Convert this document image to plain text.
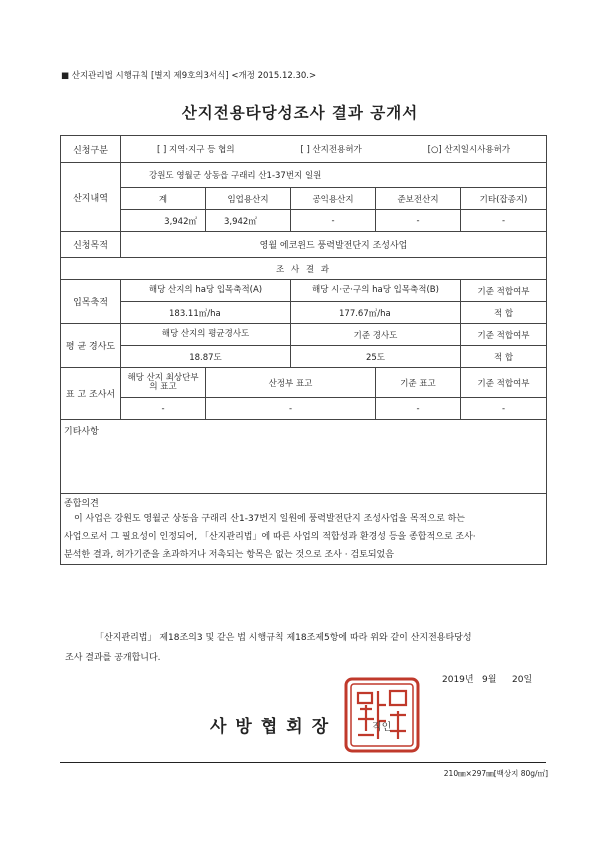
■ 산지관리법 시행규칙 [별지 제9호의3서식] <개정 2015.12.30.>
산지전용타당성조사 결과 공개서
신청구분	[ ] 지역·지구 등 협의 [ ] 산지전용허가 [○] 산지일시사용허가				

산지내역	강원도 영월군 상동읍 구래리 산1-37번지 일원				
	계	임업용산지	공익용산지	준보전산지	기타(잡종지)
	3,942㎡	3,942㎡	-	-	-
신청목적	영월 에코윈드 풍력발전단지 조성사업				
조 사 결 과					
입목축적	해당 산지의 ha당 입목축적(A)		해당 시·군·구의 ha당 입목축적(B)		기준 적합여부
	183.11㎥/ha		177.67㎥/ha		적 합
평 균 경사도	해당 산지의 평균경사도		기준 경사도		기준 적합여부
	18.87도		25도		적 합
표 고 조사서	해당 산지 최상단부의 표고	산정부 표고		기준 표고	기준 적합여부
	-	-		-	-
기타사항					

종합의견
이 사업은 강원도 영월군 상동읍 구래리 산1-37번지 일원에 풍력발전단지 조성사업을 목적으로 하는
사업으로서 그 필요성이 인정되어, 「산지관리법」에 따른 사업의 적합성과 환경성 등을 종합적으로 조사·
분석한 결과, 허가기준을 초과하거나 저촉되는 항목은 없는 것으로 조사 · 검토되었음					
「산지관리법」 제18조의3 및 같은 법 시행규칙 제18조제5항에 따라 위와 같이 산지전용타당성
조사 결과를 공개합니다.
2019년 9월 20일
사방협회장	직인
210㎜×297㎜[백상지 80g/㎡]
